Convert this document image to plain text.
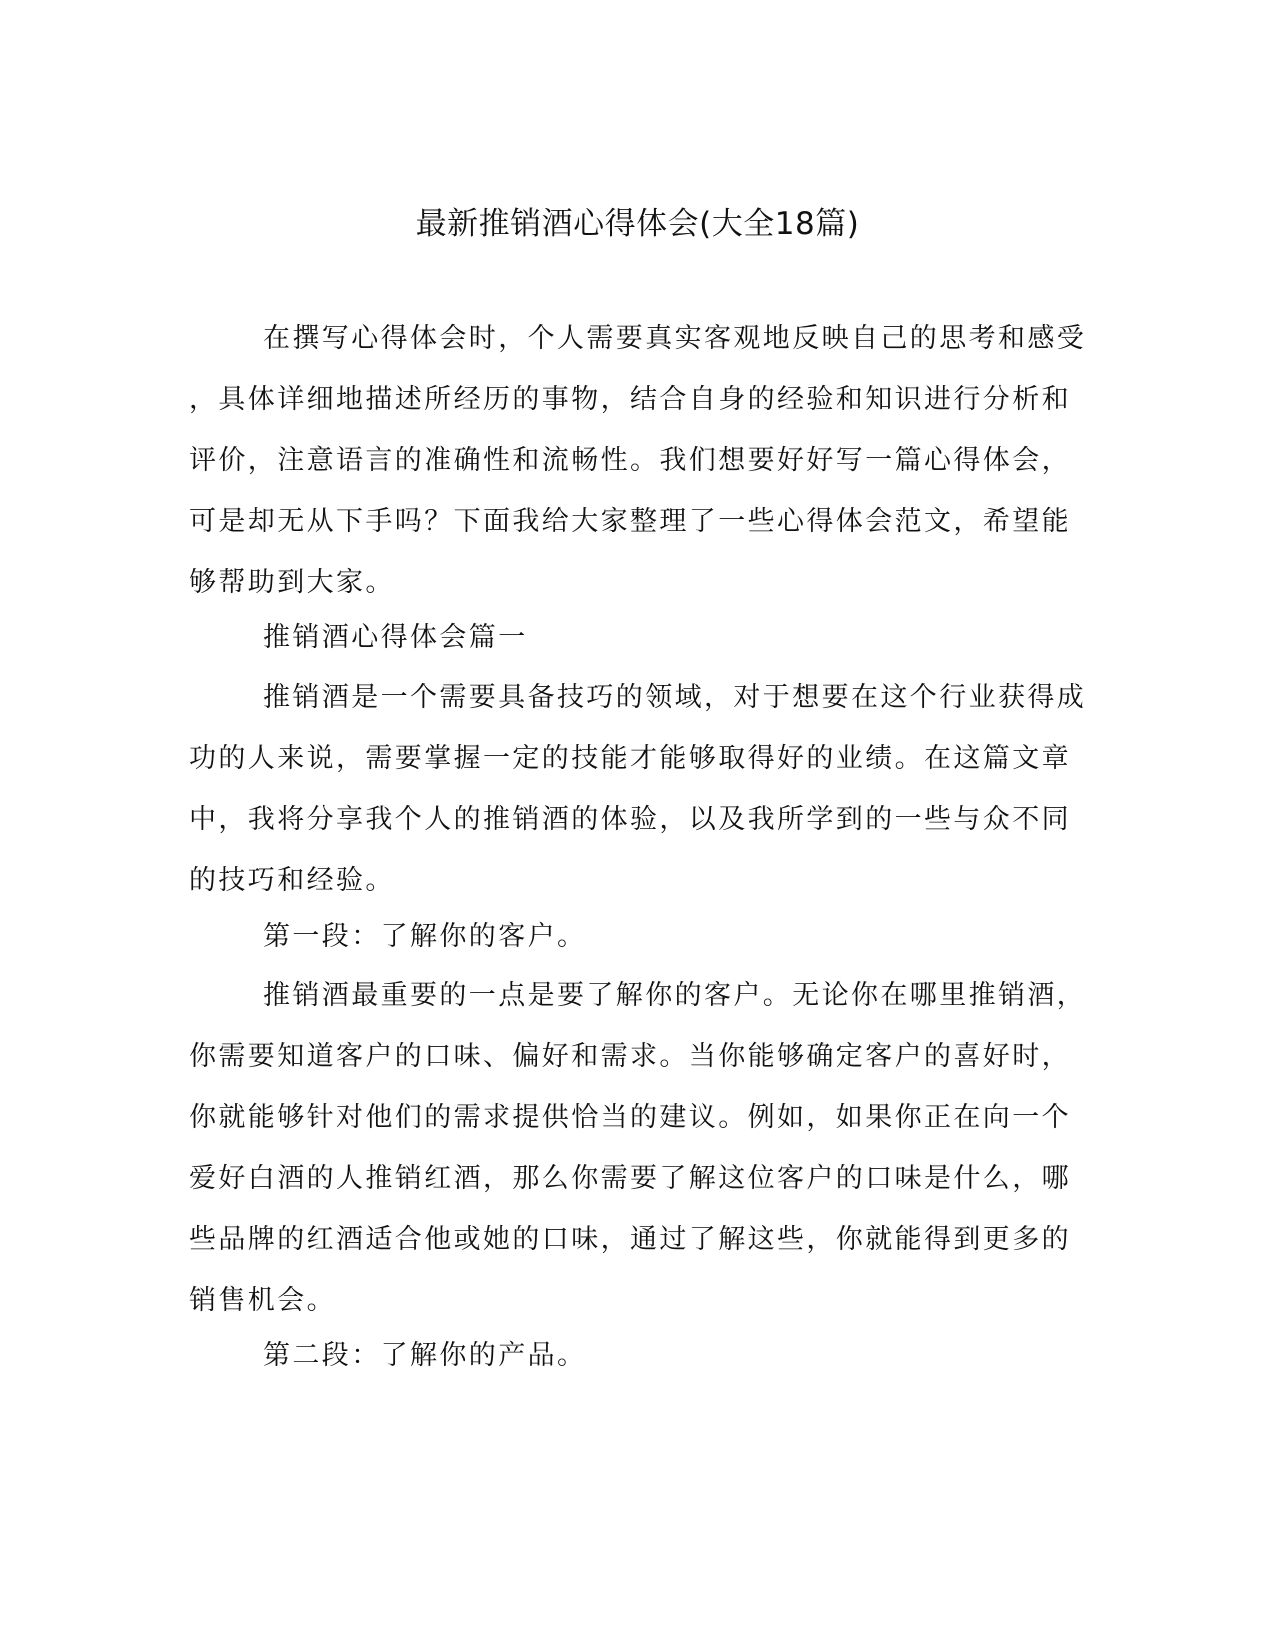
最新推销酒心得体会(大全18篇)
在撰写心得体会时，个人需要真实客观地反映自己的思考和感受
，具体详细地描述所经历的事物，结合自身的经验和知识进行分析和
评价，注意语言的准确性和流畅性。我们想要好好写一篇心得体会，
可是却无从下手吗？下面我给大家整理了一些心得体会范文，希望能
够帮助到大家。
推销酒心得体会篇一
推销酒是一个需要具备技巧的领域，对于想要在这个行业获得成
功的人来说，需要掌握一定的技能才能够取得好的业绩。在这篇文章
中，我将分享我个人的推销酒的体验，以及我所学到的一些与众不同
的技巧和经验。
第一段：了解你的客户。
推销酒最重要的一点是要了解你的客户。无论你在哪里推销酒，
你需要知道客户的口味、偏好和需求。当你能够确定客户的喜好时，
你就能够针对他们的需求提供恰当的建议。例如，如果你正在向一个
爱好白酒的人推销红酒，那么你需要了解这位客户的口味是什么，哪
些品牌的红酒适合他或她的口味，通过了解这些，你就能得到更多的
销售机会。
第二段：了解你的产品。
